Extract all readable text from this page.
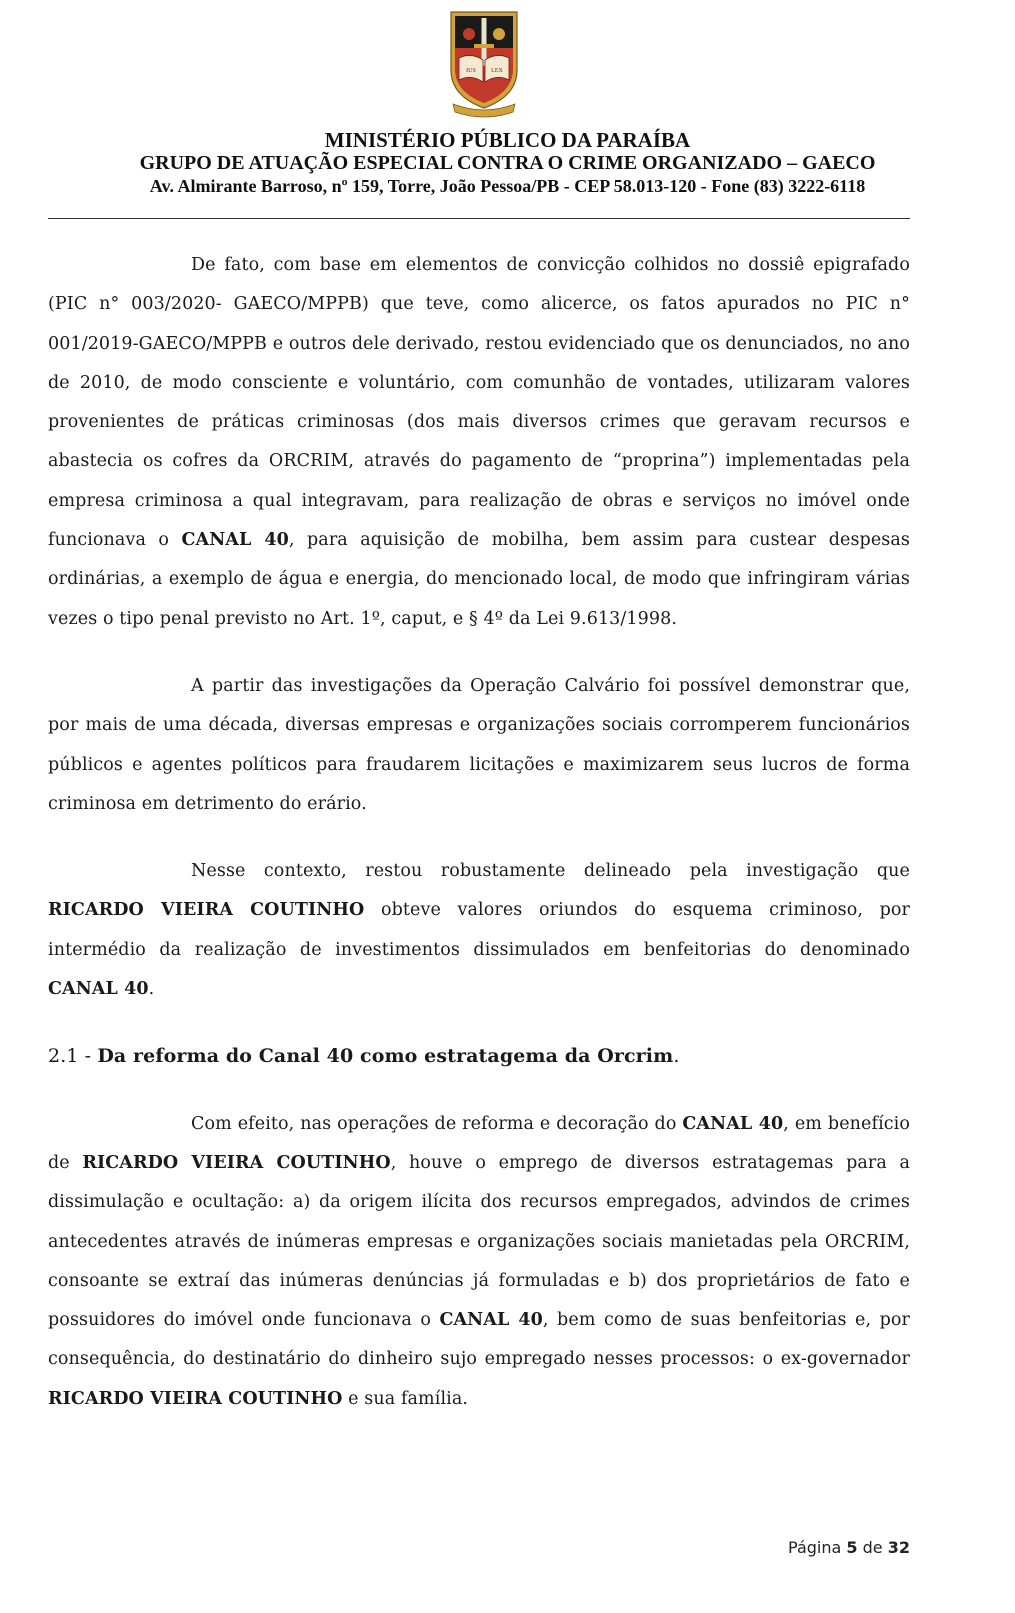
IUS	LEX
MINISTÉRIO PÚBLICO DA PARAÍBA
GRUPO DE ATUAÇÃO ESPECIAL CONTRA O CRIME ORGANIZADO – GAECO
Av. Almirante Barroso, nº 159, Torre, João Pessoa/PB - CEP 58.013-120 - Fone (83) 3222-6118

De fato, com base em elementos de convicção colhidos no dossiê epigrafado (PIC n° 003/2020- GAECO/MPPB) que teve, como alicerce, os fatos apurados no PIC n° 001/2019-GAECO/MPPB e outros dele derivado, restou evidenciado que os denunciados, no ano de 2010, de modo consciente e voluntário, com comunhão de vontades, utilizaram valores provenientes de práticas criminosas (dos mais diversos crimes que geravam recursos e abastecia os cofres da ORCRIM, através do pagamento de “proprina”) implementadas pela empresa criminosa a qual integravam, para realização de obras e serviços no imóvel onde funcionava o CANAL 40, para aquisição de mobilha, bem assim para custear despesas ordinárias, a exemplo de água e energia, do mencionado local, de modo que infringiram várias vezes o tipo penal previsto no Art. 1º, caput, e § 4º da Lei 9.613/1998.

A partir das investigações da Operação Calvário foi possível demonstrar que, por mais de uma década, diversas empresas e organizações sociais corromperem funcionários públicos e agentes políticos para fraudarem licitações e maximizarem seus lucros de forma criminosa em detrimento do erário.

Nesse contexto, restou robustamente delineado pela investigação que RICARDO VIEIRA COUTINHO obteve valores oriundos do esquema criminoso, por intermédio da realização de investimentos dissimulados em benfeitorias do denominado CANAL 40.

2.1 - Da reforma do Canal 40 como estratagema da Orcrim.

Com efeito, nas operações de reforma e decoração do CANAL 40, em benefício de RICARDO VIEIRA COUTINHO, houve o emprego de diversos estratagemas para a dissimulação e ocultação: a) da origem ilícita dos recursos empregados, advindos de crimes antecedentes através de inúmeras empresas e organizações sociais manietadas pela ORCRIM, consoante se extraí das inúmeras denúncias já formuladas e b) dos proprietários de fato e possuidores do imóvel onde funcionava o CANAL 40, bem como de suas benfeitorias e, por consequência, do destinatário do dinheiro sujo empregado nesses processos: o ex-governador RICARDO VIEIRA COUTINHO e sua família.

Página 5 de 32
